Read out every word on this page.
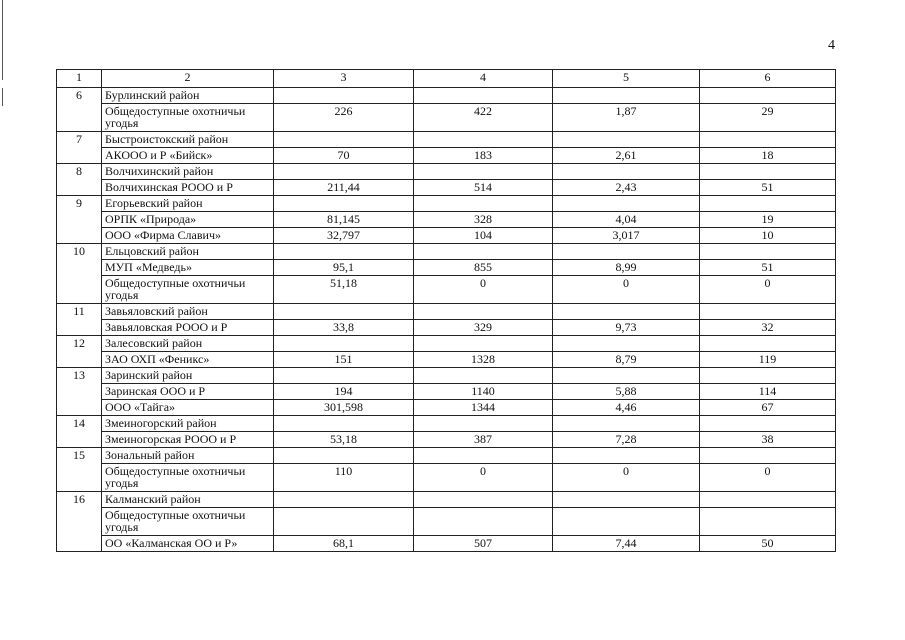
4
1	2	3	4	5	6
6	Бурлинский район				
	Общедоступные охотничьи угодья	226	422	1,87	29
7	Быстроистокский район				
	АКООО и Р «Бийск»	70	183	2,61	18
8	Волчихинский район				
	Волчихинская РООО и Р	211,44	514	2,43	51
9	Егорьевский район				
	ОРПК «Природа»	81,145	328	4,04	19
	ООО «Фирма Славич»	32,797	104	3,017	10
10	Ельцовский район				
	МУП «Медведь»	95,1	855	8,99	51
	Общедоступные охотничьи угодья	51,18	0	0	0
11	Завьяловский район				
	Завьяловская РООО и Р	33,8	329	9,73	32
12	Залесовский район				
	ЗАО ОХП «Феникс»	151	1328	8,79	119
13	Заринский район				
	Заринская ООО и Р	194	1140	5,88	114
	ООО «Тайга»	301,598	1344	4,46	67
14	Змеиногорский район				
	Змеиногорская РООО и Р	53,18	387	7,28	38
15	Зональный район				
	Общедоступные охотничьи угодья	110	0	0	0
16	Калманский район				
	Общедоступные охотничьи угодья				
	ОО «Калманская ОО и Р»	68,1	507	7,44	50
